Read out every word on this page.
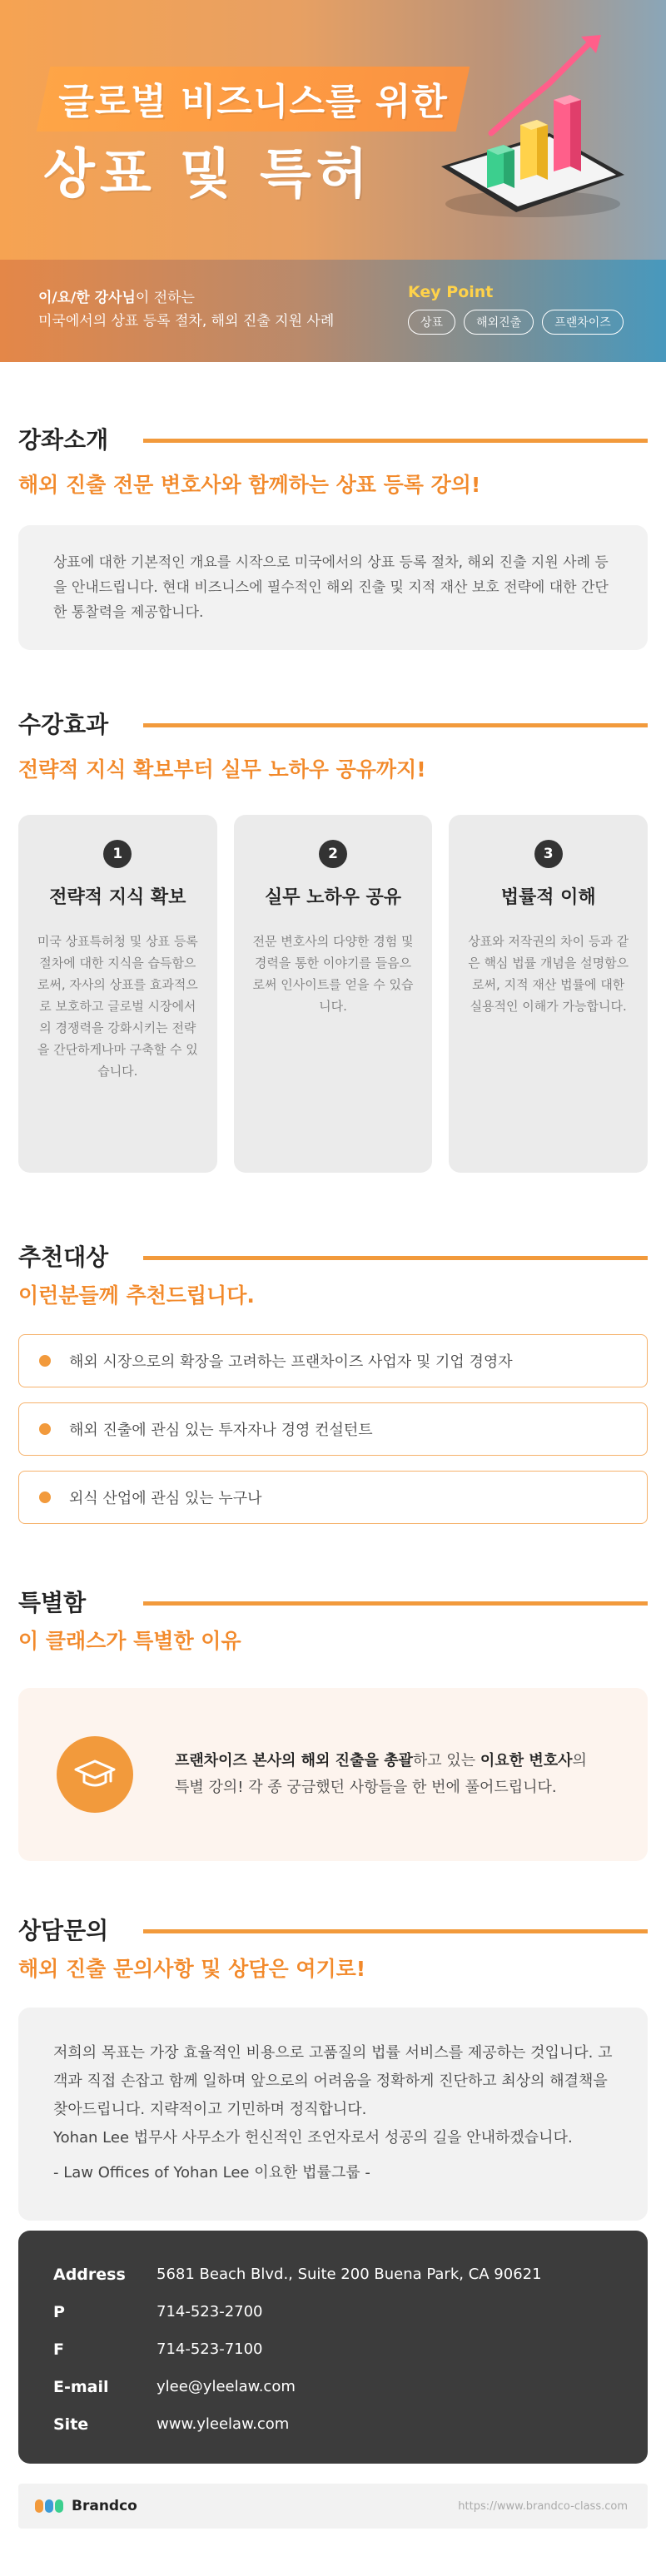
글로벌 비즈니스를 위한
상표 및 특허
이/요/한 강사님이 전하는
미국에서의 상표 등록 절차, 해외 진출 지원 사례
Key Point
상표	해외진출	프랜차이즈
강좌소개
해외 진출 전문 변호사와 함께하는 상표 등록 강의!
상표에 대한 기본적인 개요를 시작으로 미국에서의 상표 등록 절차, 해외 진출 지원 사례 등을 안내드립니다. 현대 비즈니스에 필수적인 해외 진출 및 지적 재산 보호 전략에 대한 간단한 통찰력을 제공합니다.
수강효과
전략적 지식 확보부터 실무 노하우 공유까지!
1
전략적 지식 확보
미국 상표특허청 및 상표 등록 절차에 대한 지식을 습득함으로써, 자사의 상표를 효과적으로 보호하고 글로벌 시장에서의 경쟁력을 강화시키는 전략을 간단하게나마 구축할 수 있습니다.
2
실무 노하우 공유
전문 변호사의 다양한 경험 및 경력을 통한 이야기를 들음으로써 인사이트를 얻을 수 있습니다.
3
법률적 이해
상표와 저작권의 차이 등과 같은 핵심 법률 개념을 설명함으로써, 지적 재산 법률에 대한 실용적인 이해가 가능합니다.
추천대상
이런분들께 추천드립니다.
해외 시장으로의 확장을 고려하는 프랜차이즈 사업자 및 기업 경영자
해외 진출에 관심 있는 투자자나 경영 컨설턴트
외식 산업에 관심 있는 누구나
특별함
이 클래스가 특별한 이유
프랜차이즈 본사의 해외 진출을 총괄하고 있는 이요한 변호사의
특별 강의! 각 종 궁금했던 사항들을 한 번에 풀어드립니다.
상담문의
해외 진출 문의사항 및 상담은 여기로!
저희의 목표는 가장 효율적인 비용으로 고품질의 법률 서비스를 제공하는 것입니다. 고객과 직접 손잡고 함께 일하며 앞으로의 어려움을 정확하게 진단하고 최상의 해결책을 찾아드립니다. 지략적이고 기민하며 정직합니다.
Yohan Lee 법무사 사무소가 헌신적인 조언자로서 성공의 길을 안내하겠습니다.
- Law Offices of Yohan Lee 이요한 법률그룹 -
Address	5681 Beach Blvd., Suite 200 Buena Park, CA 90621
P	714-523-2700
F	714-523-7100
E-mail	ylee@yleelaw.com
Site	www.yleelaw.com
Brandco	https://www.brandco-class.com
